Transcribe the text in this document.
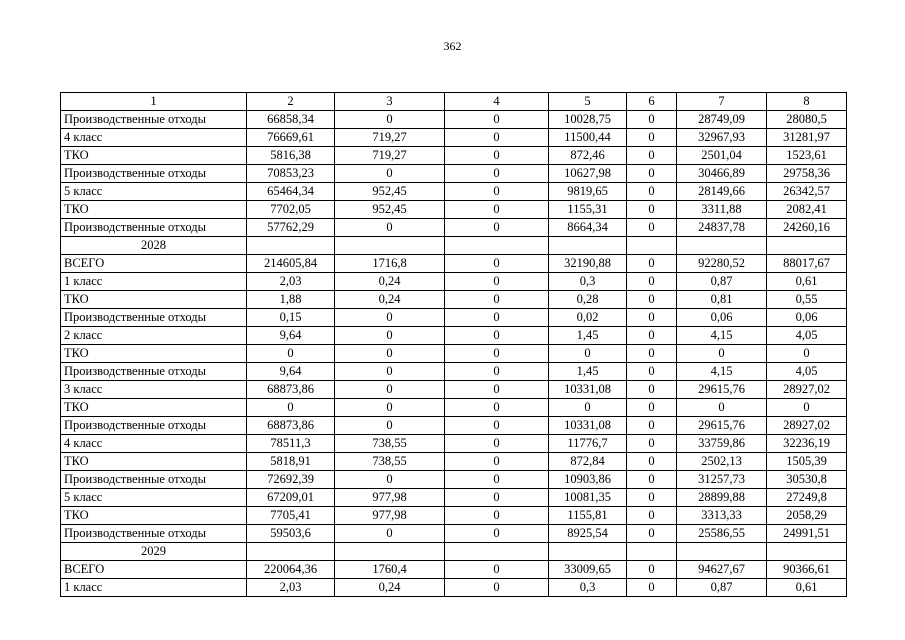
362
1	2	3	4	5	6	7	8
Производственные отходы	66858,34	0	0	10028,75	0	28749,09	28080,5
4 класс	76669,61	719,27	0	11500,44	0	32967,93	31281,97
ТКО	5816,38	719,27	0	872,46	0	2501,04	1523,61
Производственные отходы	70853,23	0	0	10627,98	0	30466,89	29758,36
5 класс	65464,34	952,45	0	9819,65	0	28149,66	26342,57
ТКО	7702,05	952,45	0	1155,31	0	3311,88	2082,41
Производственные отходы	57762,29	0	0	8664,34	0	24837,78	24260,16
2028							
ВСЕГО	214605,84	1716,8	0	32190,88	0	92280,52	88017,67
1 класс	2,03	0,24	0	0,3	0	0,87	0,61
ТКО	1,88	0,24	0	0,28	0	0,81	0,55
Производственные отходы	0,15	0	0	0,02	0	0,06	0,06
2 класс	9,64	0	0	1,45	0	4,15	4,05
ТКО	0	0	0	0	0	0	0
Производственные отходы	9,64	0	0	1,45	0	4,15	4,05
3 класс	68873,86	0	0	10331,08	0	29615,76	28927,02
ТКО	0	0	0	0	0	0	0
Производственные отходы	68873,86	0	0	10331,08	0	29615,76	28927,02
4 класс	78511,3	738,55	0	11776,7	0	33759,86	32236,19
ТКО	5818,91	738,55	0	872,84	0	2502,13	1505,39
Производственные отходы	72692,39	0	0	10903,86	0	31257,73	30530,8
5 класс	67209,01	977,98	0	10081,35	0	28899,88	27249,8
ТКО	7705,41	977,98	0	1155,81	0	3313,33	2058,29
Производственные отходы	59503,6	0	0	8925,54	0	25586,55	24991,51
2029							
ВСЕГО	220064,36	1760,4	0	33009,65	0	94627,67	90366,61
1 класс	2,03	0,24	0	0,3	0	0,87	0,61
